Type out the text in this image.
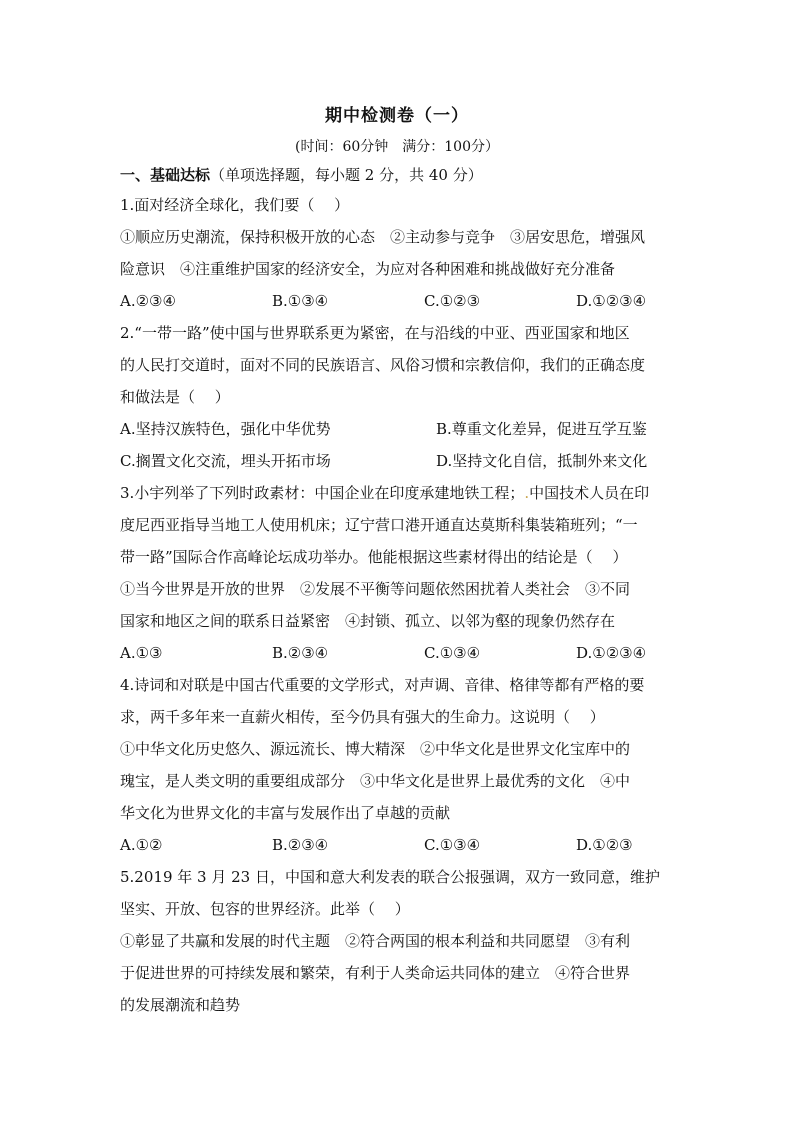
期中检测卷（一）
(时间：60分钟　满分：100分）
一、基础达标（单项选择题，每小题 2 分，共 40 分）
1.面对经济全球化，我们要（　 ）
①顺应历史潮流，保持积极开放的心态　②主动参与竞争　③居安思危，增强风
险意识　④注重维护国家的经济安全，为应对各种困难和挑战做好充分准备
A.②③④	B.①③④	C.①②③	D.①②③④
2.“一带一路”使中国与世界联系更为紧密，在与沿线的中亚、西亚国家和地区
的人民打交道时，面对不同的民族语言、风俗习惯和宗教信仰，我们的正确态度
和做法是（　 ）
A.坚持汉族特色，强化中华优势	B.尊重文化差异，促进互学互鉴
C.搁置文化交流，埋头开拓市场	D.坚持文化自信，抵制外来文化
3.小宇列举了下列时政素材：中国企业在印度承建地铁工程；.中国技术人员在印
度尼西亚指导当地工人使用机床；辽宁营口港开通直达莫斯科集装箱班列；“一
带一路”国际合作高峰论坛成功举办。他能根据这些素材得出的结论是（　 ）
①当今世界是开放的世界　②发展不平衡等问题依然困扰着人类社会　③不同
国家和地区之间的联系日益紧密　④封锁、孤立、以邻为壑的现象仍然存在
A.①③	B.②③④	C.①③④	D.①②③④
4.诗词和对联是中国古代重要的文学形式，对声调、音律、格律等都有严格的要
求，两千多年来一直薪火相传，至今仍具有强大的生命力。这说明（　 ）
①中华文化历史悠久、源远流长、博大精深　②中华文化是世界文化宝库中的
瑰宝，是人类文明的重要组成部分　③中华文化是世界上最优秀的文化　④中
华文化为世界文化的丰富与发展作出了卓越的贡献
A.①②	B.②③④	C.①③④	D.①②③
5.2019 年 3 月 23 日，中国和意大利发表的联合公报强调，双方一致同意，维护
坚实、开放、包容的世界经济。此举（　 ）
①彰显了共赢和发展的时代主题　②符合两国的根本利益和共同愿望　③有利
于促进世界的可持续发展和繁荣，有利于人类命运共同体的建立　④符合世界
的发展潮流和趋势
